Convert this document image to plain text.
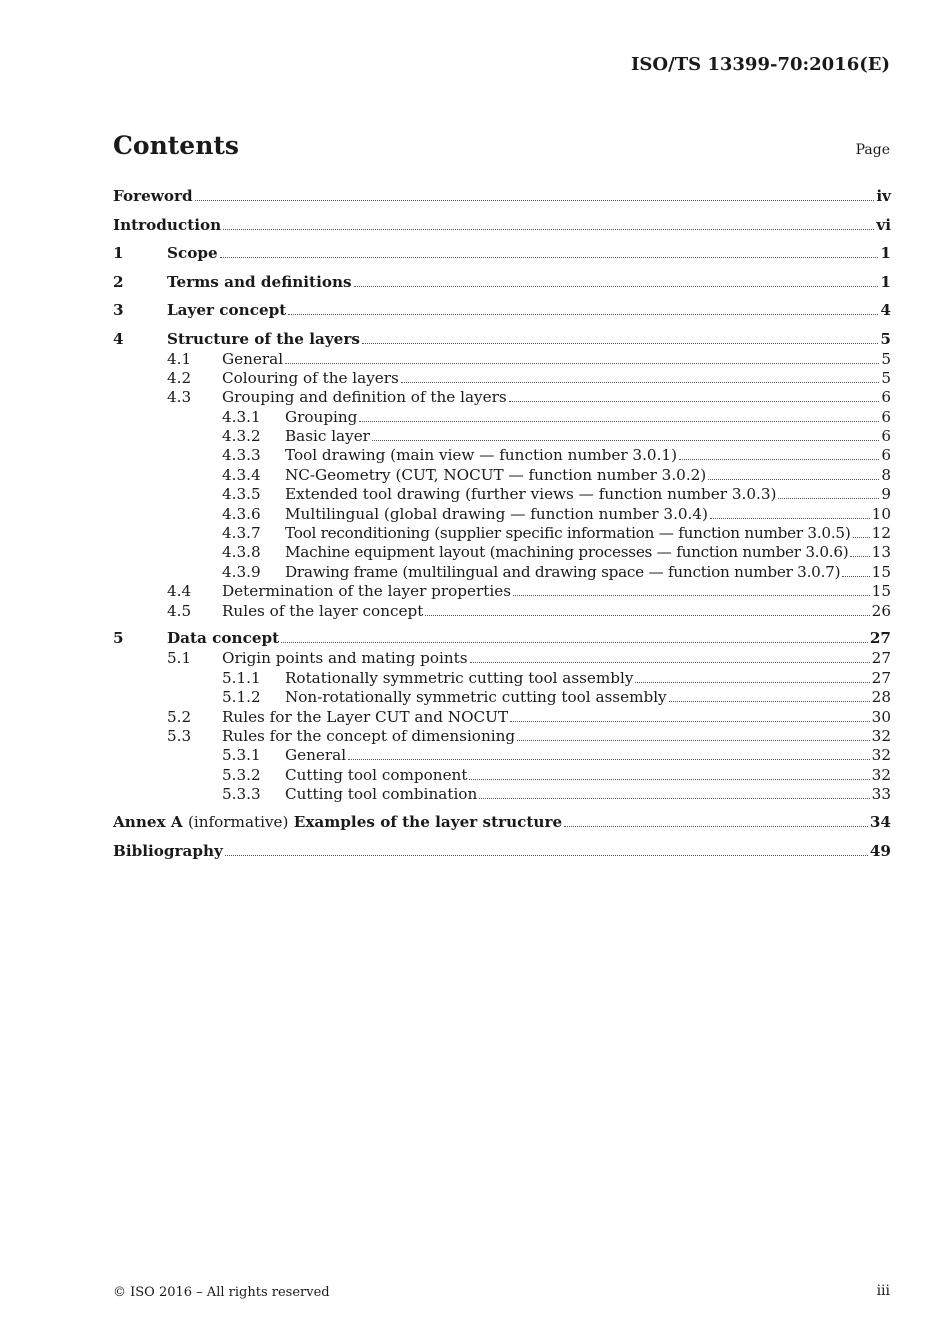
ISO/TS 13399-70:2016(E)
Contents	Page
Foreword	iv
Introduction	vi
1	Scope	1
2	Terms and definitions	1
3	Layer concept	4
4	Structure of the layers	5
4.1	General	5
4.2	Colouring of the layers	5
4.3	Grouping and definition of the layers	6
4.3.1	Grouping	6
4.3.2	Basic layer	6
4.3.3	Tool drawing (main view — function number 3.0.1)	6
4.3.4	NC-Geometry (CUT, NOCUT — function number 3.0.2)	8
4.3.5	Extended tool drawing (further views — function number 3.0.3)	9
4.3.6	Multilingual (global drawing — function number 3.0.4)	10
4.3.7	Tool reconditioning (supplier specific information — function number 3.0.5) 12
4.3.8	Machine equipment layout (machining processes — function number 3.0.6) 13
4.3.9	Drawing frame (multilingual and drawing space — function number 3.0.7) 15
4.4	Determination of the layer properties	15
4.5	Rules of the layer concept	26
5	Data concept	27
5.1	Origin points and mating points	27
5.1.1	Rotationally symmetric cutting tool assembly	27
5.1.2	Non-rotationally symmetric cutting tool assembly	28
5.2	Rules for the Layer CUT and NOCUT	30
5.3	Rules for the concept of dimensioning	32
5.3.1	General	32
5.3.2	Cutting tool component	32
5.3.3	Cutting tool combination	33
Annex A (informative) Examples of the layer structure	34
Bibliography	49
© ISO 2016 – All rights reserved	iii
